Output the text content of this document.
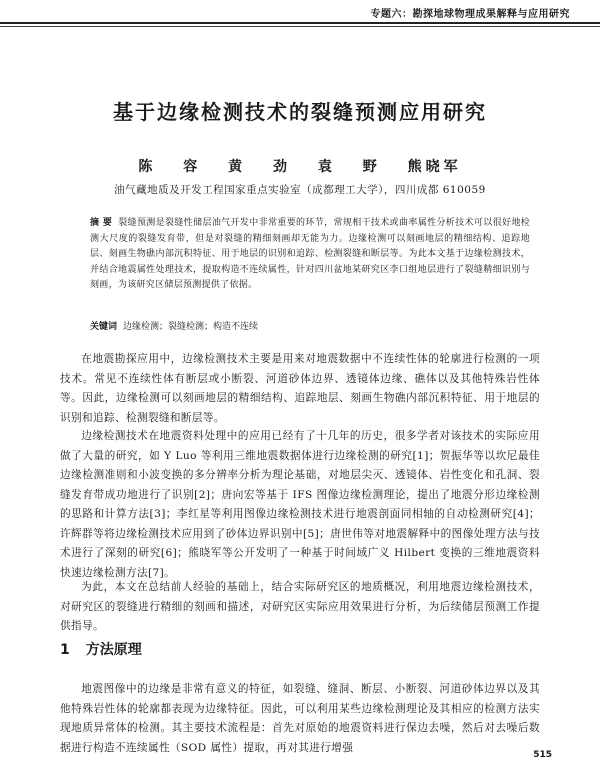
专题六：勘探地球物理成果解释与应用研究
基于边缘检测技术的裂缝预测应用研究
陈 容 黄 劲 袁 野 熊晓军
油气藏地质及开发工程国家重点实验室（成都理工大学），四川成都 610059
摘 要 裂缝预测是裂缝性储层油气开发中非常重要的环节，常规相干技术或曲率属性分析技术可以很好地检测大尺度的裂缝发育带，但是对裂缝的精细刻画却无能为力。边缘检测可以刻画地层的精细结构、追踪地层、刻画生物礁内部沉积特征、用于地层的识别和追踪、检测裂缝和断层等。为此本文基于边缘检测技术，并结合地震属性处理技术，提取构造不连续属性，针对四川盆地某研究区李口组地层进行了裂缝精细识别与刻画，为该研究区储层预测提供了依据。
关键词 边缘检测；裂缝检测；构造不连续

在地震勘探应用中，边缘检测技术主要是用来对地震数据中不连续性体的轮廓进行检测的一项技术。常见不连续性体有断层或小断裂、河道砂体边界、透镜体边缘、礁体以及其他特殊岩性体等。因此，边缘检测可以刻画地层的精细结构、追踪地层、刻画生物礁内部沉积特征、用于地层的识别和追踪、检测裂缝和断层等。

边缘检测技术在地震资料处理中的应用已经有了十几年的历史，很多学者对该技术的实际应用做了大量的研究，如 Y Luo 等利用三维地震数据体进行边缘检测的研究[1]；贺振华等以坎尼最佳边缘检测准则和小波变换的多分辨率分析为理论基础，对地层尖灭、透镜体、岩性变化和孔洞、裂缝发育带成功地进行了识别[2]；唐向宏等基于 IFS 图像边缘检测理论，提出了地震分形边缘检测的思路和计算方法[3]；李红星等利用图像边缘检测技术进行地震剖面同相轴的自动检测研究[4]；许辉群等将边缘检测技术应用到了砂体边界识别中[5]；唐世伟等对地震解释中的图像处理方法与技术进行了深刻的研究[6]；熊晓军等公开发明了一种基于时间域广义 Hilbert 变换的三维地震资料快速边缘检测方法[7]。

为此，本文在总结前人经验的基础上，结合实际研究区的地质概况，利用地震边缘检测技术，对研究区的裂缝进行精细的刻画和描述，对研究区实际应用效果进行分析，为后续储层预测工作提供指导。

1 方法原理

地震图像中的边缘是非常有意义的特征，如裂缝、缝洞、断层、小断裂、河道砂体边界以及其他特殊岩性体的轮廓都表现为边缘特征。因此，可以利用某些边缘检测理论及其相应的检测方法实现地质异常体的检测。其主要技术流程是：首先对原始的地震资料进行保边去噪，然后对去噪后数据进行构造不连续属性（SOD 属性）提取，再对其进行增强

515
